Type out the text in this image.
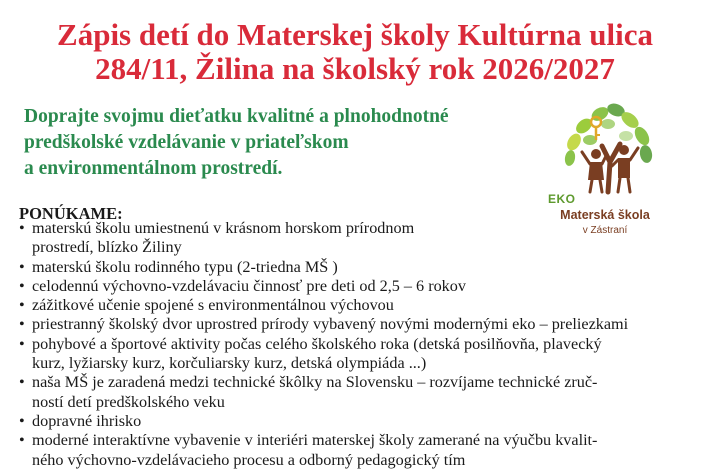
Zápis detí do Materskej školy Kultúrna ulica
284/11, Žilina na školský rok 2026/2027
Doprajte svojmu dieťatku kvalitné a plnohodnotné
predškolské vzdelávanie v priateľskom
a environmentálnom prostredí.
EKO
Materská škola
v Zástraní
PONÚKAME:
• materskú školu umiestnenú v krásnom horskom prírodnom
prostredí, blízko Žiliny
• materskú školu rodinného typu (2-triedna MŠ )
• celodennú výchovno-vzdelávaciu činnosť pre deti od 2,5 – 6 rokov
• zážitkové učenie spojené s environmentálnou výchovou
• priestranný školský dvor uprostred prírody vybavený novými modernými eko – preliezkami
• pohybové a športové aktivity počas celého školského roka (detská posilňovňa, plavecký
kurz, lyžiarsky kurz, korčuliarsky kurz, detská olympiáda ...)
• naša MŠ je zaradená medzi technické škôlky na Slovensku – rozvíjame technické zruč-
ností detí predškolského veku
• dopravné ihrisko
• moderné interaktívne vybavenie v interiéri materskej školy zamerané na výučbu kvalit-
ného výchovno-vzdelávacieho procesu a odborný pedagogický tím
